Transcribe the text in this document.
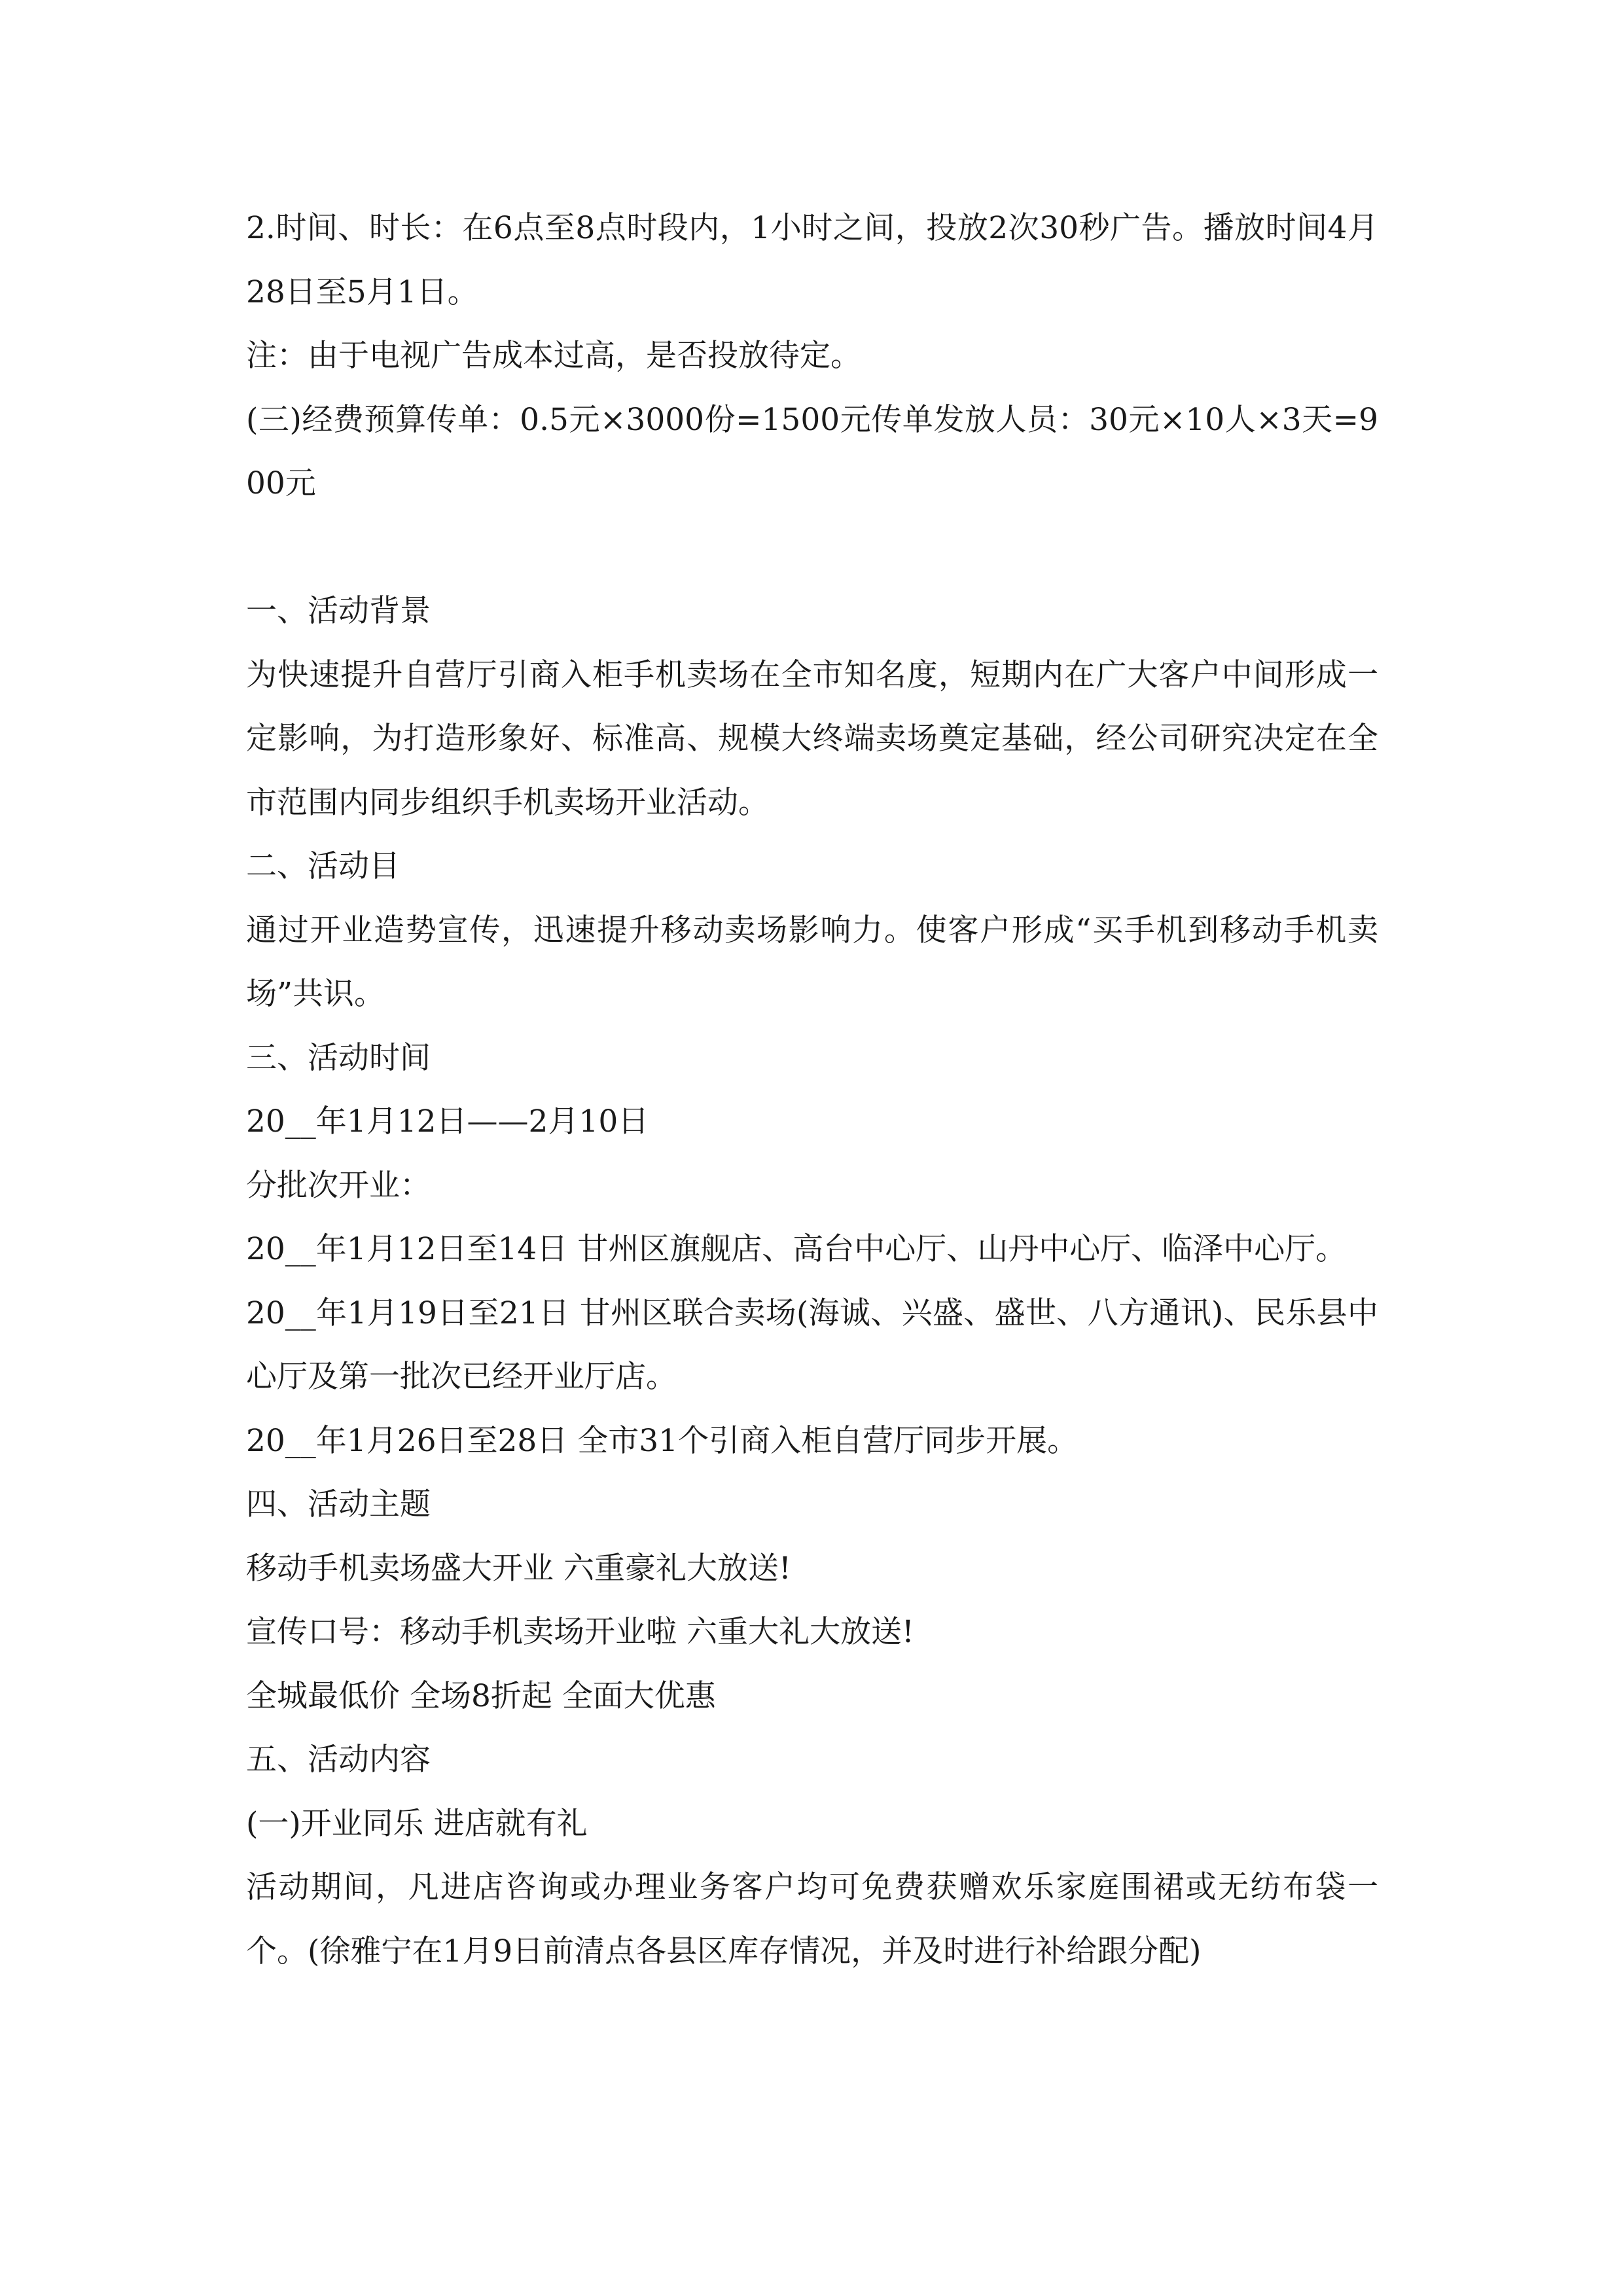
2.时间、时长：在6点至8点时段内，1小时之间，投放2次30秒广告。播放时间4月28日至5月1日。

注：由于电视广告成本过高，是否投放待定。

(三)经费预算传单：0.5元×3000份=1500元传单发放人员：30元×10人×3天=900元

一、活动背景

为快速提升自营厅引商入柜手机卖场在全市知名度，短期内在广大客户中间形成一定影响，为打造形象好、标准高、规模大终端卖场奠定基础，经公司研究决定在全市范围内同步组织手机卖场开业活动。

二、活动目

通过开业造势宣传，迅速提升移动卖场影响力。使客户形成“买手机到移动手机卖场”共识。

三、活动时间

20__年1月12日——2月10日

分批次开业：

20__年1月12日至14日 甘州区旗舰店、高台中心厅、山丹中心厅、临泽中心厅。

20__年1月19日至21日 甘州区联合卖场(海诚、兴盛、盛世、八方通讯)、民乐县中心厅及第一批次已经开业厅店。

20__年1月26日至28日 全市31个引商入柜自营厅同步开展。

四、活动主题

移动手机卖场盛大开业 六重豪礼大放送!

宣传口号：移动手机卖场开业啦 六重大礼大放送!

全城最低价 全场8折起 全面大优惠

五、活动内容

(一)开业同乐 进店就有礼

活动期间，凡进店咨询或办理业务客户均可免费获赠欢乐家庭围裙或无纺布袋一个。(徐雅宁在1月9日前清点各县区库存情况，并及时进行补给跟分配)
